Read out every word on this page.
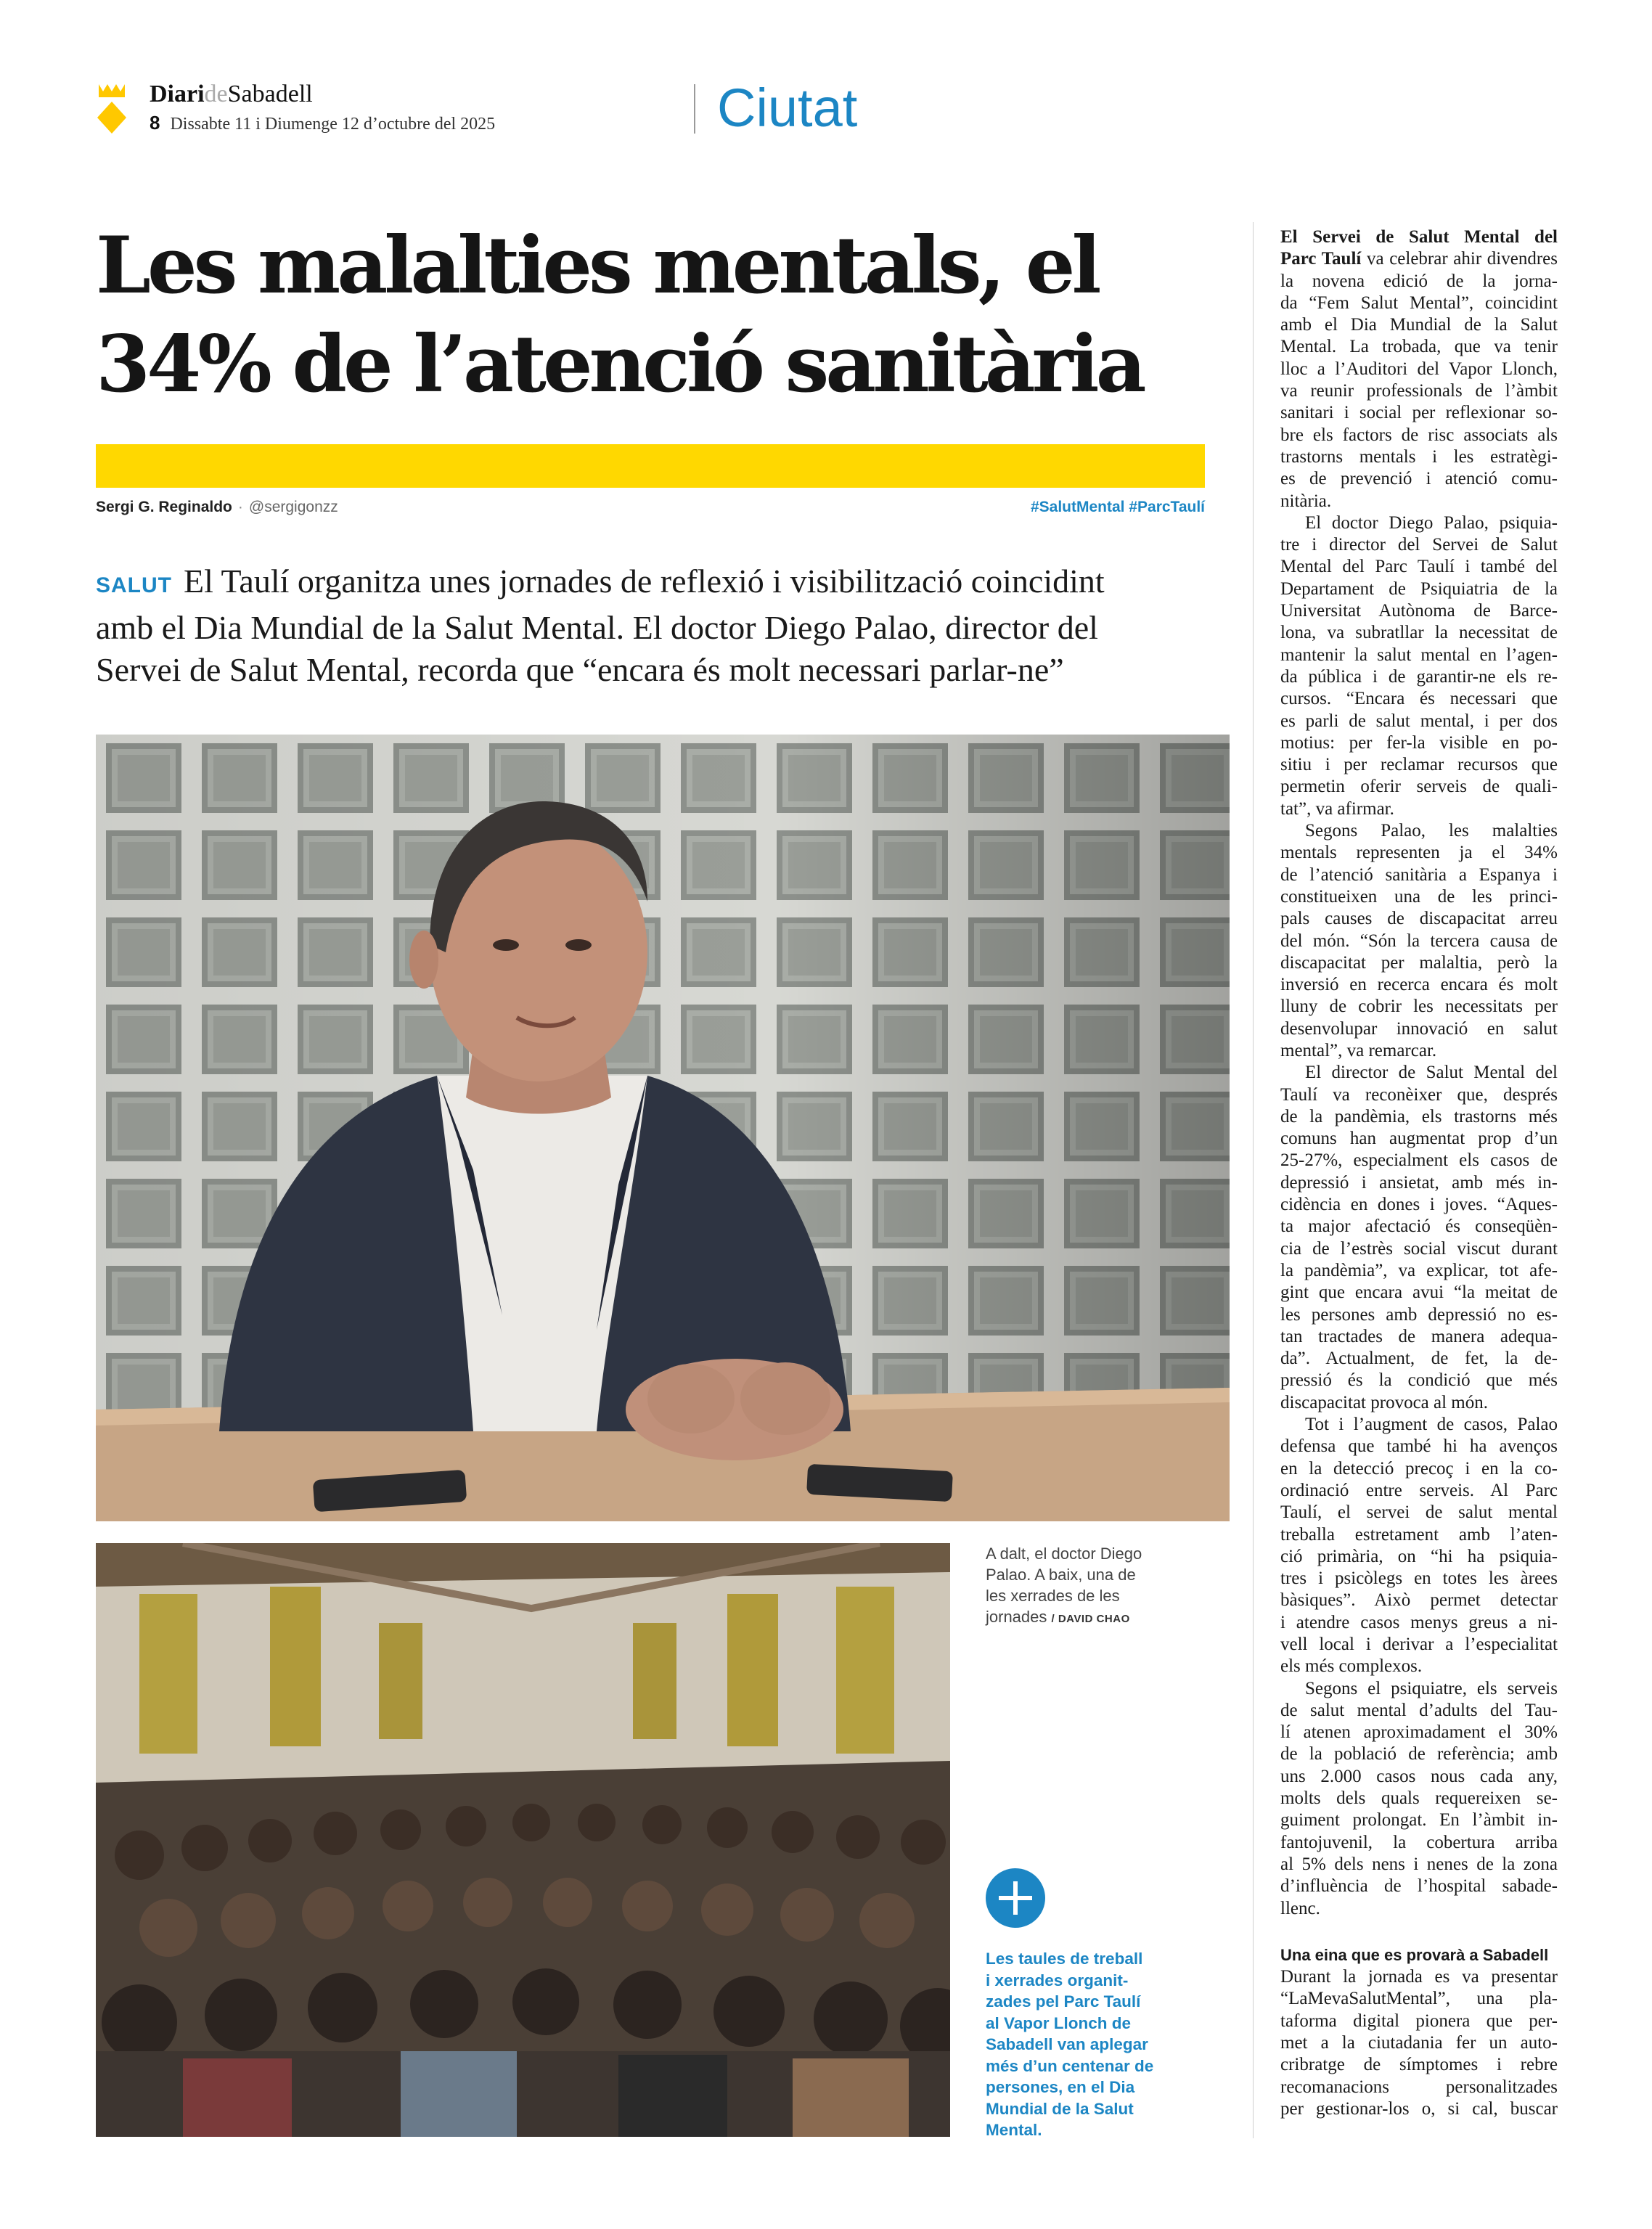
DiarideSabadell
8 Dissabte 11 i Diumenge 12 d’octubre del 2025	Ciutat
Les malalties mentals, el
34% de l’atenció sanitària
Sergi G. Reginaldo · @sergigonzz	#SalutMental #ParcTaulí
SALUT El Taulí organitza unes jornades de reflexió i visibilització coincidint
amb el Dia Mundial de la Salut Mental. El doctor Diego Palao, director del
Servei de Salut Mental, recorda que “encara és molt necessari parlar-ne”
A dalt, el doctor Diego
Palao. A baix, una de
les xerrades de les
jornades / DAVID CHAO
Les taules de treball
i xerrades organit-
zades pel Parc Taulí
al Vapor Llonch de
Sabadell van aplegar
més d’un centenar de
persones, en el Dia
Mundial de la Salut
Mental.
El Servei de Salut Mental del
Parc Taulí va celebrar ahir divendres
la novena edició de la jorna-
da “Fem Salut Mental”, coincidint
amb el Dia Mundial de la Salut
Mental. La trobada, que va tenir
lloc a l’Auditori del Vapor Llonch,
va reunir professionals de l’àmbit
sanitari i social per reflexionar so-
bre els factors de risc associats als
trastorns mentals i les estratègi-
es de prevenció i atenció comu-
nitària.
El doctor Diego Palao, psiquia-
tre i director del Servei de Salut
Mental del Parc Taulí i també del
Departament de Psiquiatria de la
Universitat Autònoma de Barce-
lona, va subratllar la necessitat de
mantenir la salut mental en l’agen-
da pública i de garantir-ne els re-
cursos. “Encara és necessari que
es parli de salut mental, i per dos
motius: per fer-la visible en po-
sitiu i per reclamar recursos que
permetin oferir serveis de quali-
tat”, va afirmar.
Segons Palao, les malalties
mentals representen ja el 34%
de l’atenció sanitària a Espanya i
constitueixen una de les princi-
pals causes de discapacitat arreu
del món. “Són la tercera causa de
discapacitat per malaltia, però la
inversió en recerca encara és molt
lluny de cobrir les necessitats per
desenvolupar innovació en salut
mental”, va remarcar.
El director de Salut Mental del
Taulí va reconèixer que, després
de la pandèmia, els trastorns més
comuns han augmentat prop d’un
25-27%, especialment els casos de
depressió i ansietat, amb més in-
cidència en dones i joves. “Aques-
ta major afectació és conseqüèn-
cia de l’estrès social viscut durant
la pandèmia”, va explicar, tot afe-
gint que encara avui “la meitat de
les persones amb depressió no es-
tan tractades de manera adequa-
da”. Actualment, de fet, la de-
pressió és la condició que més
discapacitat provoca al món.
Tot i l’augment de casos, Palao
defensa que també hi ha avenços
en la detecció precoç i en la co-
ordinació entre serveis. Al Parc
Taulí, el servei de salut mental
treballa estretament amb l’aten-
ció primària, on “hi ha psiquia-
tres i psicòlegs en totes les àrees
bàsiques”. Això permet detectar
i atendre casos menys greus a ni-
vell local i derivar a l’especialitat
els més complexos.
Segons el psiquiatre, els serveis
de salut mental d’adults del Tau-
lí atenen aproximadament el 30%
de la població de referència; amb
uns 2.000 casos nous cada any,
molts dels quals requereixen se-
guiment prolongat. En l’àmbit in-
fantojuvenil, la cobertura arriba
al 5% dels nens i nenes de la zona
d’influència de l’hospital sabade-
llenc.
Una eina que es provarà a Sabadell
Durant la jornada es va presentar
“LaMevaSalutMental”, una pla-
taforma digital pionera que per-
met a la ciutadania fer un auto-
cribratge de símptomes i rebre
recomanacions personalitzades
per gestionar-los o, si cal, buscar
